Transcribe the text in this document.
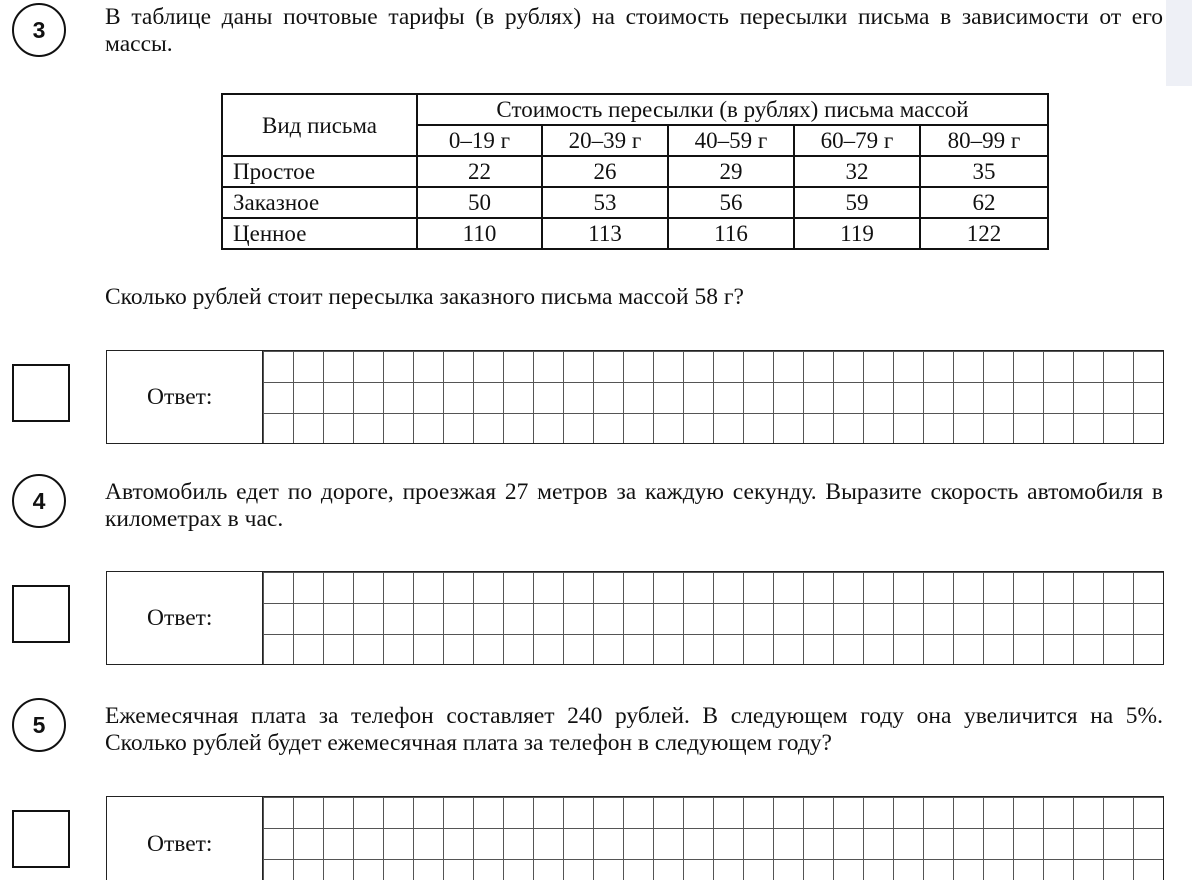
3	В таблице даны почтовые тарифы (в рублях) на стоимость пересылки письма в зависимости от его массы.
Вид письма	Стоимость пересылки (в рублях) письма массой				
	0–19 г	20–39 г	40–59 г	60–79 г	80–99 г
Простое	22	26	29	32	35
Заказное	50	53	56	59	62
Ценное	110	113	116	119	122
Сколько рублей стоит пересылка заказного письма массой 58 г?
Ответ:
4	Автомобиль едет по дороге, проезжая 27 метров за каждую секунду. Выразите скорость автомобиля в километрах в час.
Ответ:
5	Ежемесячная плата за телефон составляет 240 рублей. В следующем году она увеличится на 5%. Сколько рублей будет ежемесячная плата за телефон в следующем году?
Ответ:
